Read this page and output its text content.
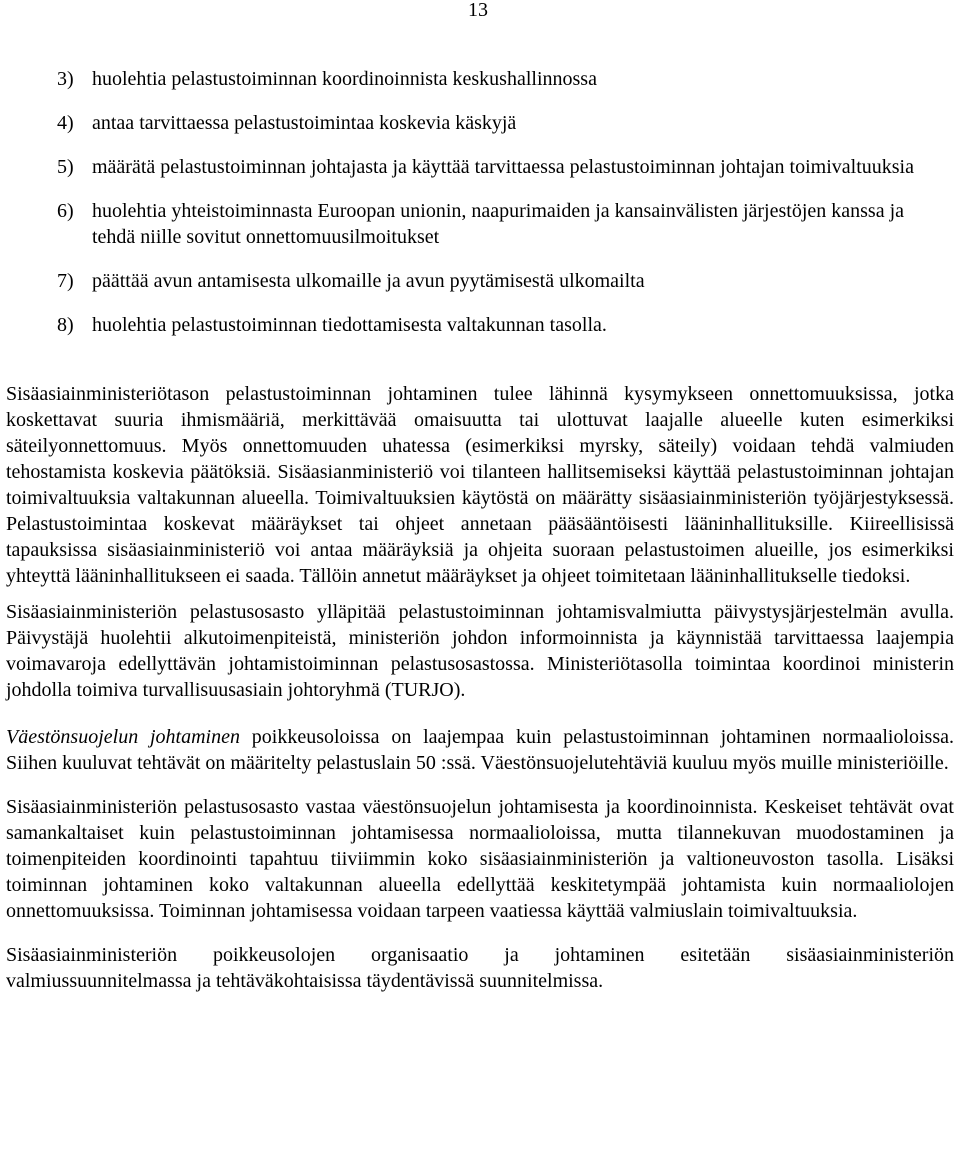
13

3) huolehtia pelastustoiminnan koordinoinnista keskushallinnossa
4) antaa tarvittaessa pelastustoimintaa koskevia käskyjä
5) määrätä pelastustoiminnan johtajasta ja käyttää tarvittaessa pelastustoiminnan johtajan toimivaltuuksia
6) huolehtia yhteistoiminnasta Euroopan unionin, naapurimaiden ja kansainvälisten järjestöjen kanssa ja tehdä niille sovitut onnettomuusilmoitukset
7) päättää avun antamisesta ulkomaille ja avun pyytämisestä ulkomailta
8) huolehtia pelastustoiminnan tiedottamisesta valtakunnan tasolla.

Sisäasiainministeriötason pelastustoiminnan johtaminen tulee lähinnä kysymykseen onnettomuuksissa, jotka koskettavat suuria ihmismääriä, merkittävää omaisuutta tai ulottuvat laajalle alueelle kuten esimerkiksi säteilyonnettomuus. Myös onnettomuuden uhatessa (esimerkiksi myrsky, säteily) voidaan tehdä valmiuden tehostamista koskevia päätöksiä. Sisäasianministeriö voi tilanteen hallitsemiseksi käyttää pelastustoiminnan johtajan toimivaltuuksia valtakunnan alueella. Toimivaltuuksien käytöstä on määrätty sisäasiainministeriön työjärjestyksessä. Pelastustoimintaa koskevat määräykset tai ohjeet annetaan pääsääntöisesti lääninhallituksille. Kiireellisissä tapauksissa sisäasiainministeriö voi antaa määräyksiä ja ohjeita suoraan pelastustoimen alueille, jos esimerkiksi yhteyttä lääninhallitukseen ei saada. Tällöin annetut määräykset ja ohjeet toimitetaan lääninhallitukselle tiedoksi.

Sisäasiainministeriön pelastusosasto ylläpitää pelastustoiminnan johtamisvalmiutta päivystysjärjestelmän avulla. Päivystäjä huolehtii alkutoimenpiteistä, ministeriön johdon informoinnista ja käynnistää tarvittaessa laajempia voimavaroja edellyttävän johtamistoiminnan pelastusosastossa. Ministeriötasolla toimintaa koordinoi ministerin johdolla toimiva turvallisuusasiain johtoryhmä (TURJO).

Väestönsuojelun johtaminen poikkeusoloissa on laajempaa kuin pelastustoiminnan johtaminen normaalioloissa. Siihen kuuluvat tehtävät on määritelty pelastuslain 50 :ssä. Väestönsuojelutehtäviä kuuluu myös muille ministeriöille.

Sisäasiainministeriön pelastusosasto vastaa väestönsuojelun johtamisesta ja koordinoinnista. Keskeiset tehtävät ovat samankaltaiset kuin pelastustoiminnan johtamisessa normaalioloissa, mutta tilannekuvan muodostaminen ja toimenpiteiden koordinointi tapahtuu tiiviimmin koko sisäasiainministeriön ja valtioneuvoston tasolla. Lisäksi toiminnan johtaminen koko valtakunnan alueella edellyttää keskitetympää johtamista kuin normaaliolojen onnettomuuksissa. Toiminnan johtamisessa voidaan tarpeen vaatiessa käyttää valmiuslain toimivaltuuksia.

Sisäasiainministeriön poikkeusolojen organisaatio ja johtaminen esitetään sisäasiainministeriön valmiussuunnitelmassa ja tehtäväkohtaisissa täydentävissä suunnitelmissa.
